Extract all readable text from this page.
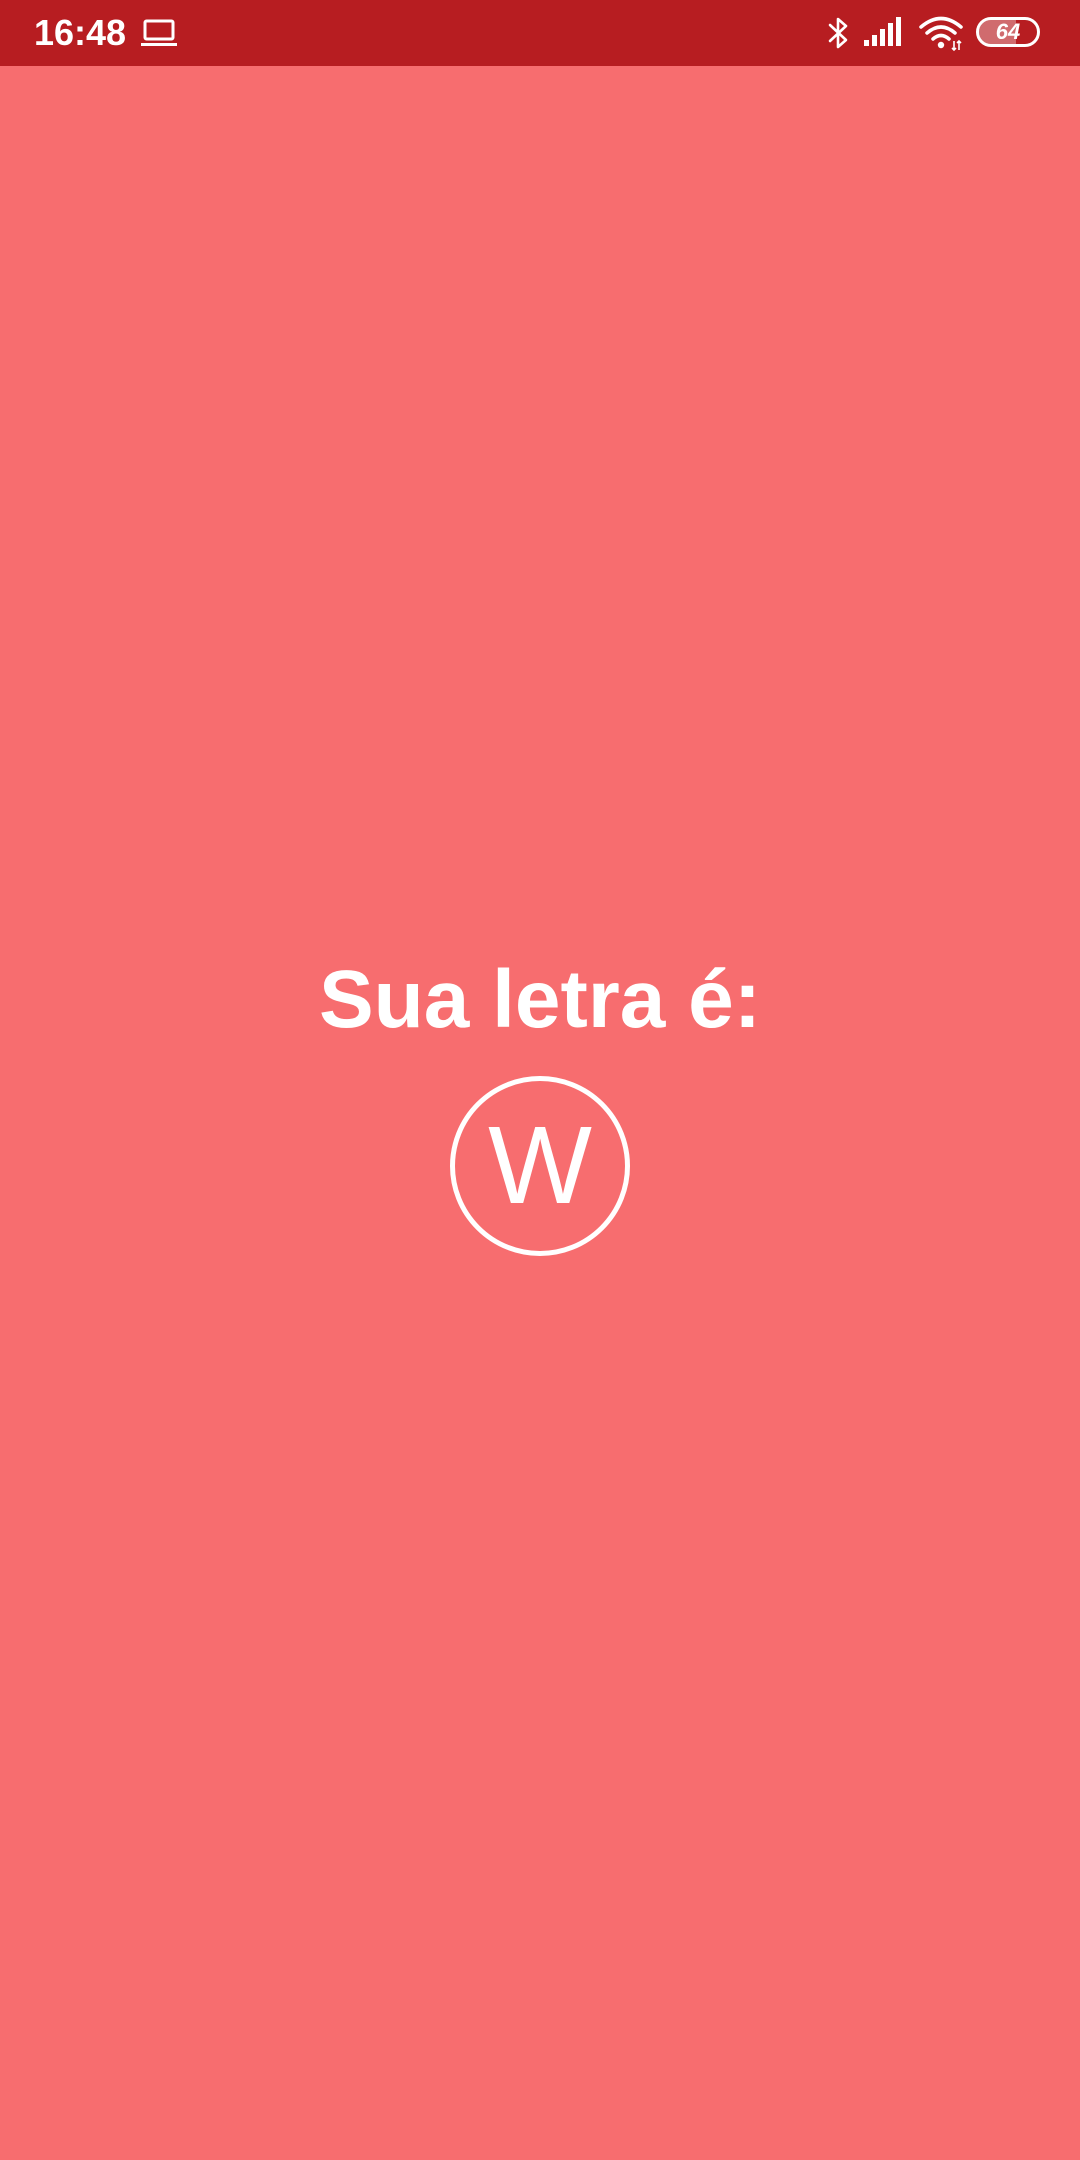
16:48	64
Sua letra é:
W
